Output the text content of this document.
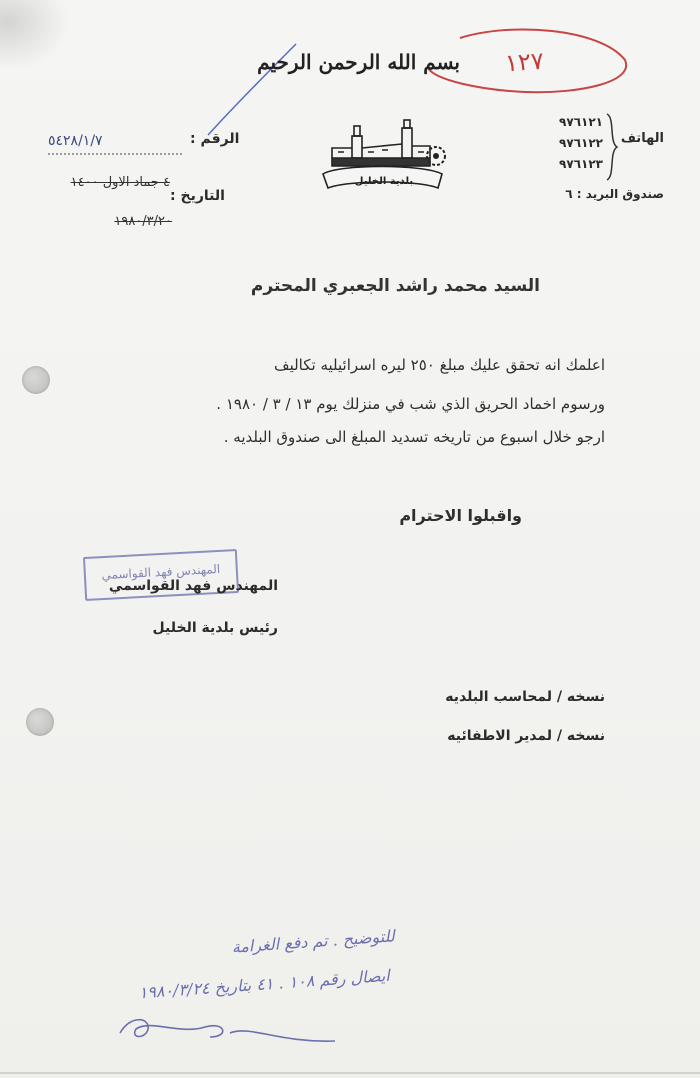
١٢٧
بسم الله الرحمن الرحيم
بلدية الخليل
الهاتف
٩٧٦١٢١
٩٧٦١٢٢
٩٧٦١٢٣
صندوق البريد : ٦
الرقم :
٥٤٢٨/١/٧
التاريخ :
٤ جماد الاول ١٤٠٠
١٩٨٠/٣/٢٠
السيد محمد راشد الجعبري المحترم
اعلمك انه تحقق عليك مبلغ ٢٥٠ ليره اسرائيليه تكاليف
ورسوم اخماد الحريق الذي شب في منزلك يوم ١٣ / ٣ / ١٩٨٠ .
ارجو خلال اسبوع من تاريخه تسديد المبلغ الى صندوق البلديه .
واقبلوا الاحترام
المهندس فهد القواسمي
المهندس فهد القواسمي
رئيس بلدية الخليل
نسخه / لمحاسب البلديه
نسخه / لمدير الاطفائيه
للتوضيح . تم دفع الغرامة
ايصال رقم ١٠٨ . ٤١ بتاريخ ١٩٨٠/٣/٢٤
